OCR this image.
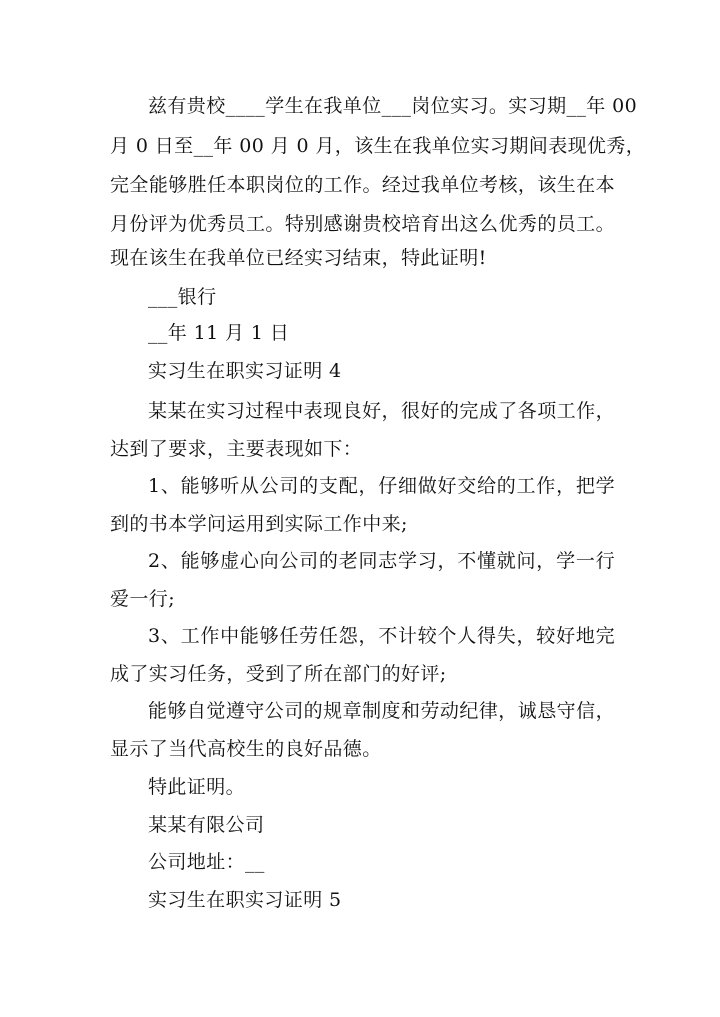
兹有贵校____学生在我单位___岗位实习。实习期__年 00
月 0 日至__年 00 月 0 月，该生在我单位实习期间表现优秀，
完全能够胜任本职岗位的工作。经过我单位考核，该生在本
月份评为优秀员工。特别感谢贵校培育出这么优秀的员工。
现在该生在我单位已经实习结束，特此证明!
___银行
__年 11 月 1 日
实习生在职实习证明 4
某某在实习过程中表现良好，很好的完成了各项工作，
达到了要求，主要表现如下：
1、能够听从公司的支配，仔细做好交给的工作，把学
到的书本学问运用到实际工作中来;
2、能够虚心向公司的老同志学习，不懂就问，学一行
爱一行;
3、工作中能够任劳任怨，不计较个人得失，较好地完
成了实习任务，受到了所在部门的好评;
能够自觉遵守公司的规章制度和劳动纪律，诚恳守信，
显示了当代高校生的良好品德。
特此证明。
某某有限公司
公司地址：__
实习生在职实习证明 5
